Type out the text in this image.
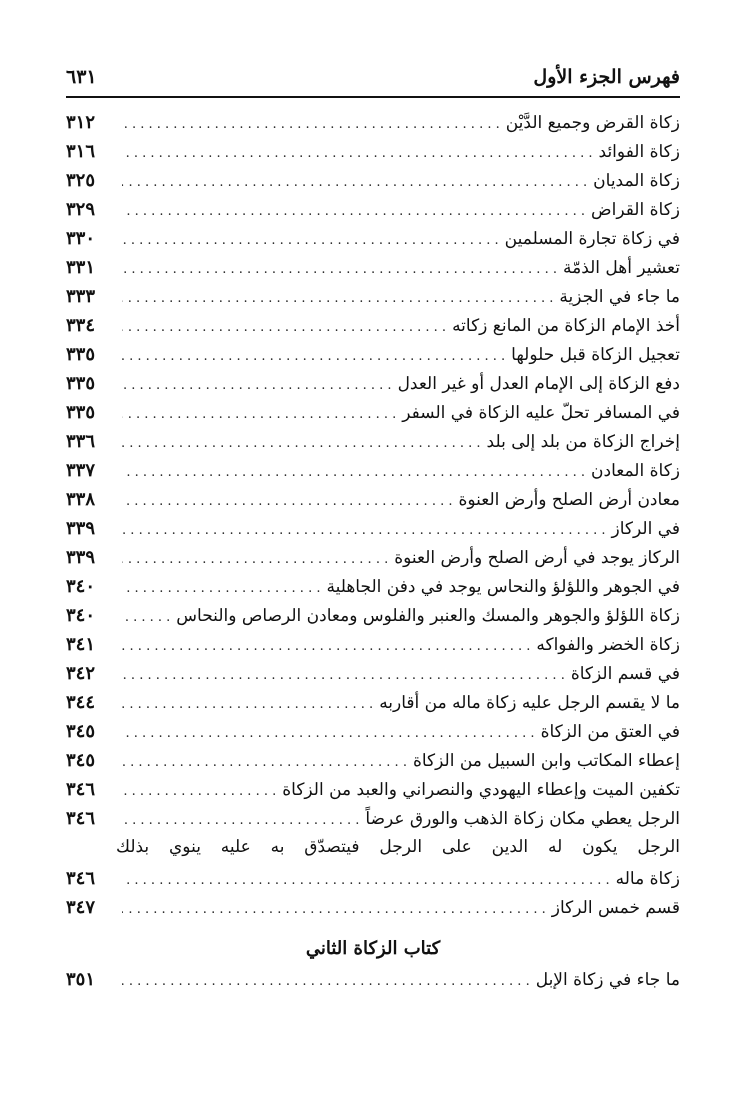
فهرس الجزء الأول
٦٣١
٣١٢ . . .	زكاة القرض وجميع الدَّيْن
٣١٦ . . .	زكاة الفوائد
٣٢٥ . . .	زكاة المديان
٣٢٩ . . .	زكاة القراض
٣٣٠ . . .	في زكاة تجارة المسلمين
٣٣١ . . .	تعشير أهل الذمّة
٣٣٣ . . .	ما جاء في الجزية
٣٣٤ . . .	أخذ الإمام الزكاة من المانع زكاته
٣٣٥ . . .	تعجيل الزكاة قبل حلولها
٣٣٥ . . .	دفع الزكاة إلى الإمام العدل أو غير العدل
٣٣٥ . . .	في المسافر تحلّ عليه الزكاة في السفر
٣٣٦ . . .	إخراج الزكاة من بلد إلى بلد
٣٣٧ . . .	زكاة المعادن
٣٣٨ . . .	معادن أرض الصلح وأرض العنوة
٣٣٩ . . .	في الركاز
٣٣٩ . . .	الركاز يوجد في أرض الصلح وأرض العنوة
٣٤٠ . . .	في الجوهر واللؤلؤ والنحاس يوجد في دفن الجاهلية
٣٤٠ . . .	زكاة اللؤلؤ والجوهر والمسك والعنبر والفلوس ومعادن الرصاص والنحاس
٣٤١ . . .	زكاة الخضر والفواكه
٣٤٢ . . .	في قسم الزكاة
٣٤٤ . . .	ما لا يقسم الرجل عليه زكاة ماله من أقاربه
٣٤٥ . . .	في العتق من الزكاة
٣٤٥ . . .	إعطاء المكاتب وابن السبيل من الزكاة
٣٤٦ . . .	تكفين الميت وإعطاء اليهودي والنصراني والعبد من الزكاة
٣٤٦ . . .	الرجل يعطي مكان زكاة الذهب والورق عرضاً
الرجل يكون له الدين على الرجل فيتصدّق به عليه ينوي بذلك
٣٤٦ . . .	زكاة ماله
٣٤٧ . . .	قسم خمس الركاز
كتاب الزكاة الثاني
٣٥١ . . .	ما جاء في زكاة الإبل
